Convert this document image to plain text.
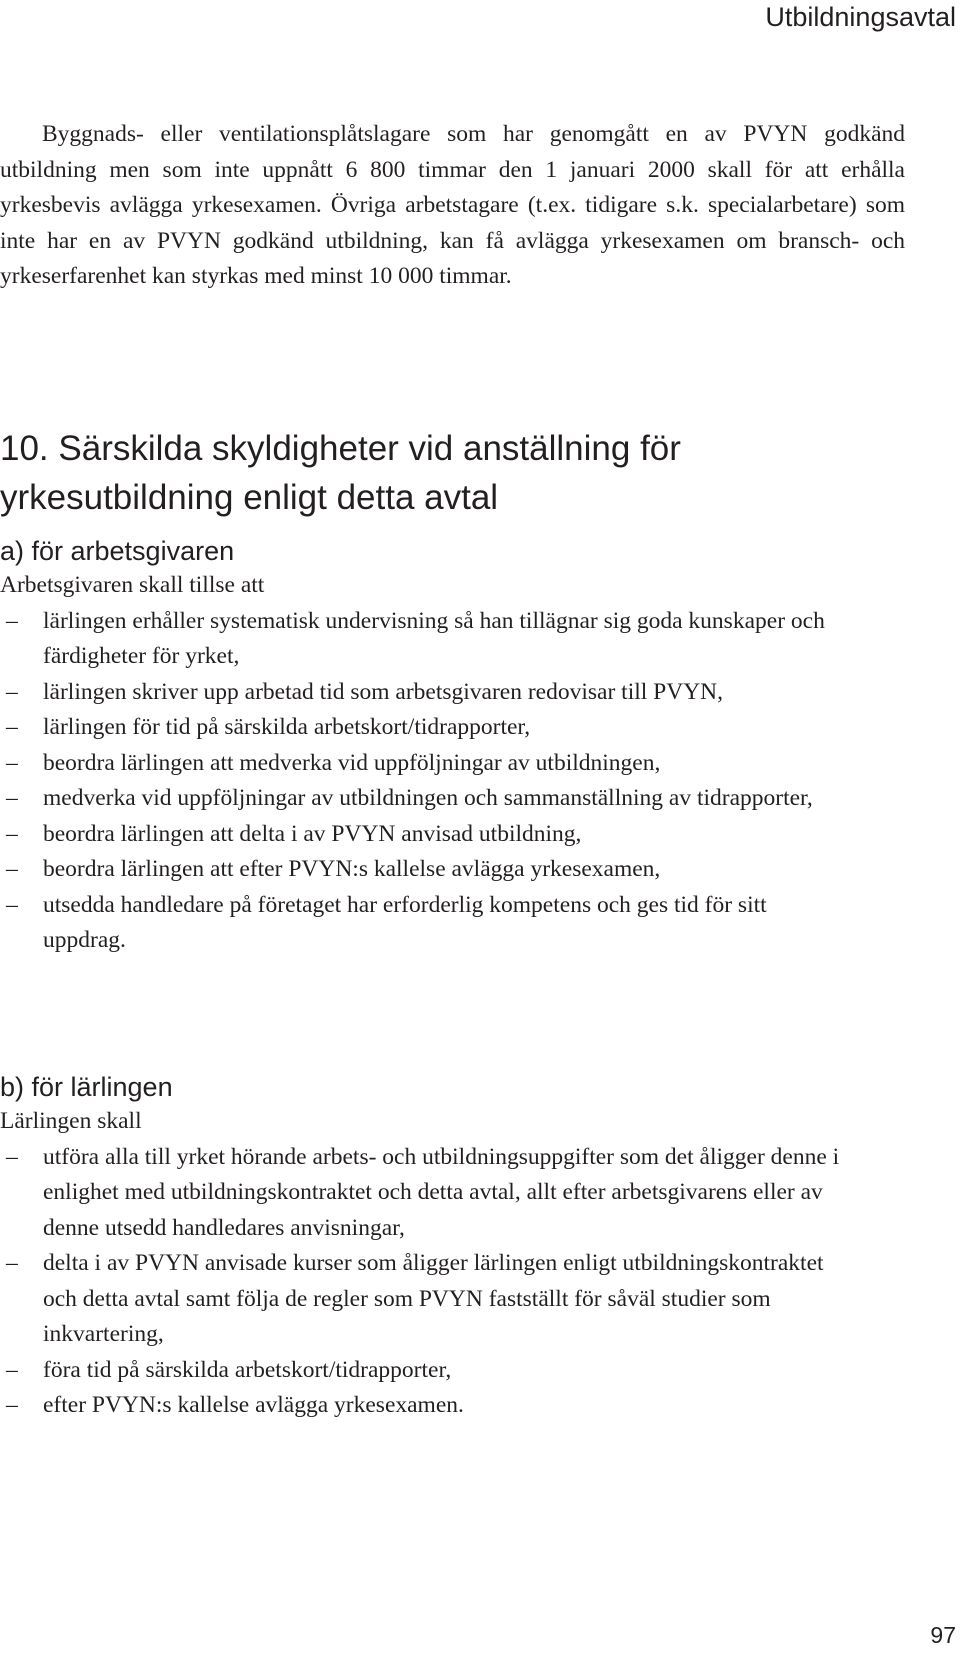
Utbildningsavtal

Byggnads- eller ventilationsplåtslagare som har genomgått en av PVYN godkänd utbildning men som inte uppnått 6 800 timmar den 1 januari 2000 skall för att erhålla yrkesbevis avlägga yrkesexamen. Övriga arbetstagare (t.ex. tidigare s.k. specialarbetare) som inte har en av PVYN godkänd utbildning, kan få avlägga yrkesexamen om bransch- och yrkeserfarenhet kan styrkas med minst 10 000 timmar.

10. Särskilda skyldigheter vid anställning för yrkesutbildning enligt detta avtal
a) för arbetsgivaren

Arbetsgivaren skall tillse att

–	lärlingen erhåller systematisk undervisning så han tillägnar sig goda kunskaper och färdigheter för yrket,
–	lärlingen skriver upp arbetad tid som arbetsgivaren redovisar till PVYN,
–	lärlingen för tid på särskilda arbetskort/tidrapporter,
–	beordra lärlingen att medverka vid uppföljningar av utbildningen,
–	medverka vid uppföljningar av utbildningen och sammanställning av tidrapporter,
–	beordra lärlingen att delta i av PVYN anvisad utbildning,
–	beordra lärlingen att efter PVYN:s kallelse avlägga yrkesexamen,
–	utsedda handledare på företaget har erforderlig kompetens och ges tid för sitt uppdrag.
b) för lärlingen

Lärlingen skall

–	utföra alla till yrket hörande arbets- och utbildningsuppgifter som det åligger denne i enlighet med utbildningskontraktet och detta avtal, allt efter arbetsgivarens eller av denne utsedd handledares anvisningar,
–	delta i av PVYN anvisade kurser som åligger lärlingen enligt utbildningskontraktet och detta avtal samt följa de regler som PVYN fastställt för såväl studier som inkvartering,
–	föra tid på särskilda arbetskort/tidrapporter,
–	efter PVYN:s kallelse avlägga yrkesexamen.
97
